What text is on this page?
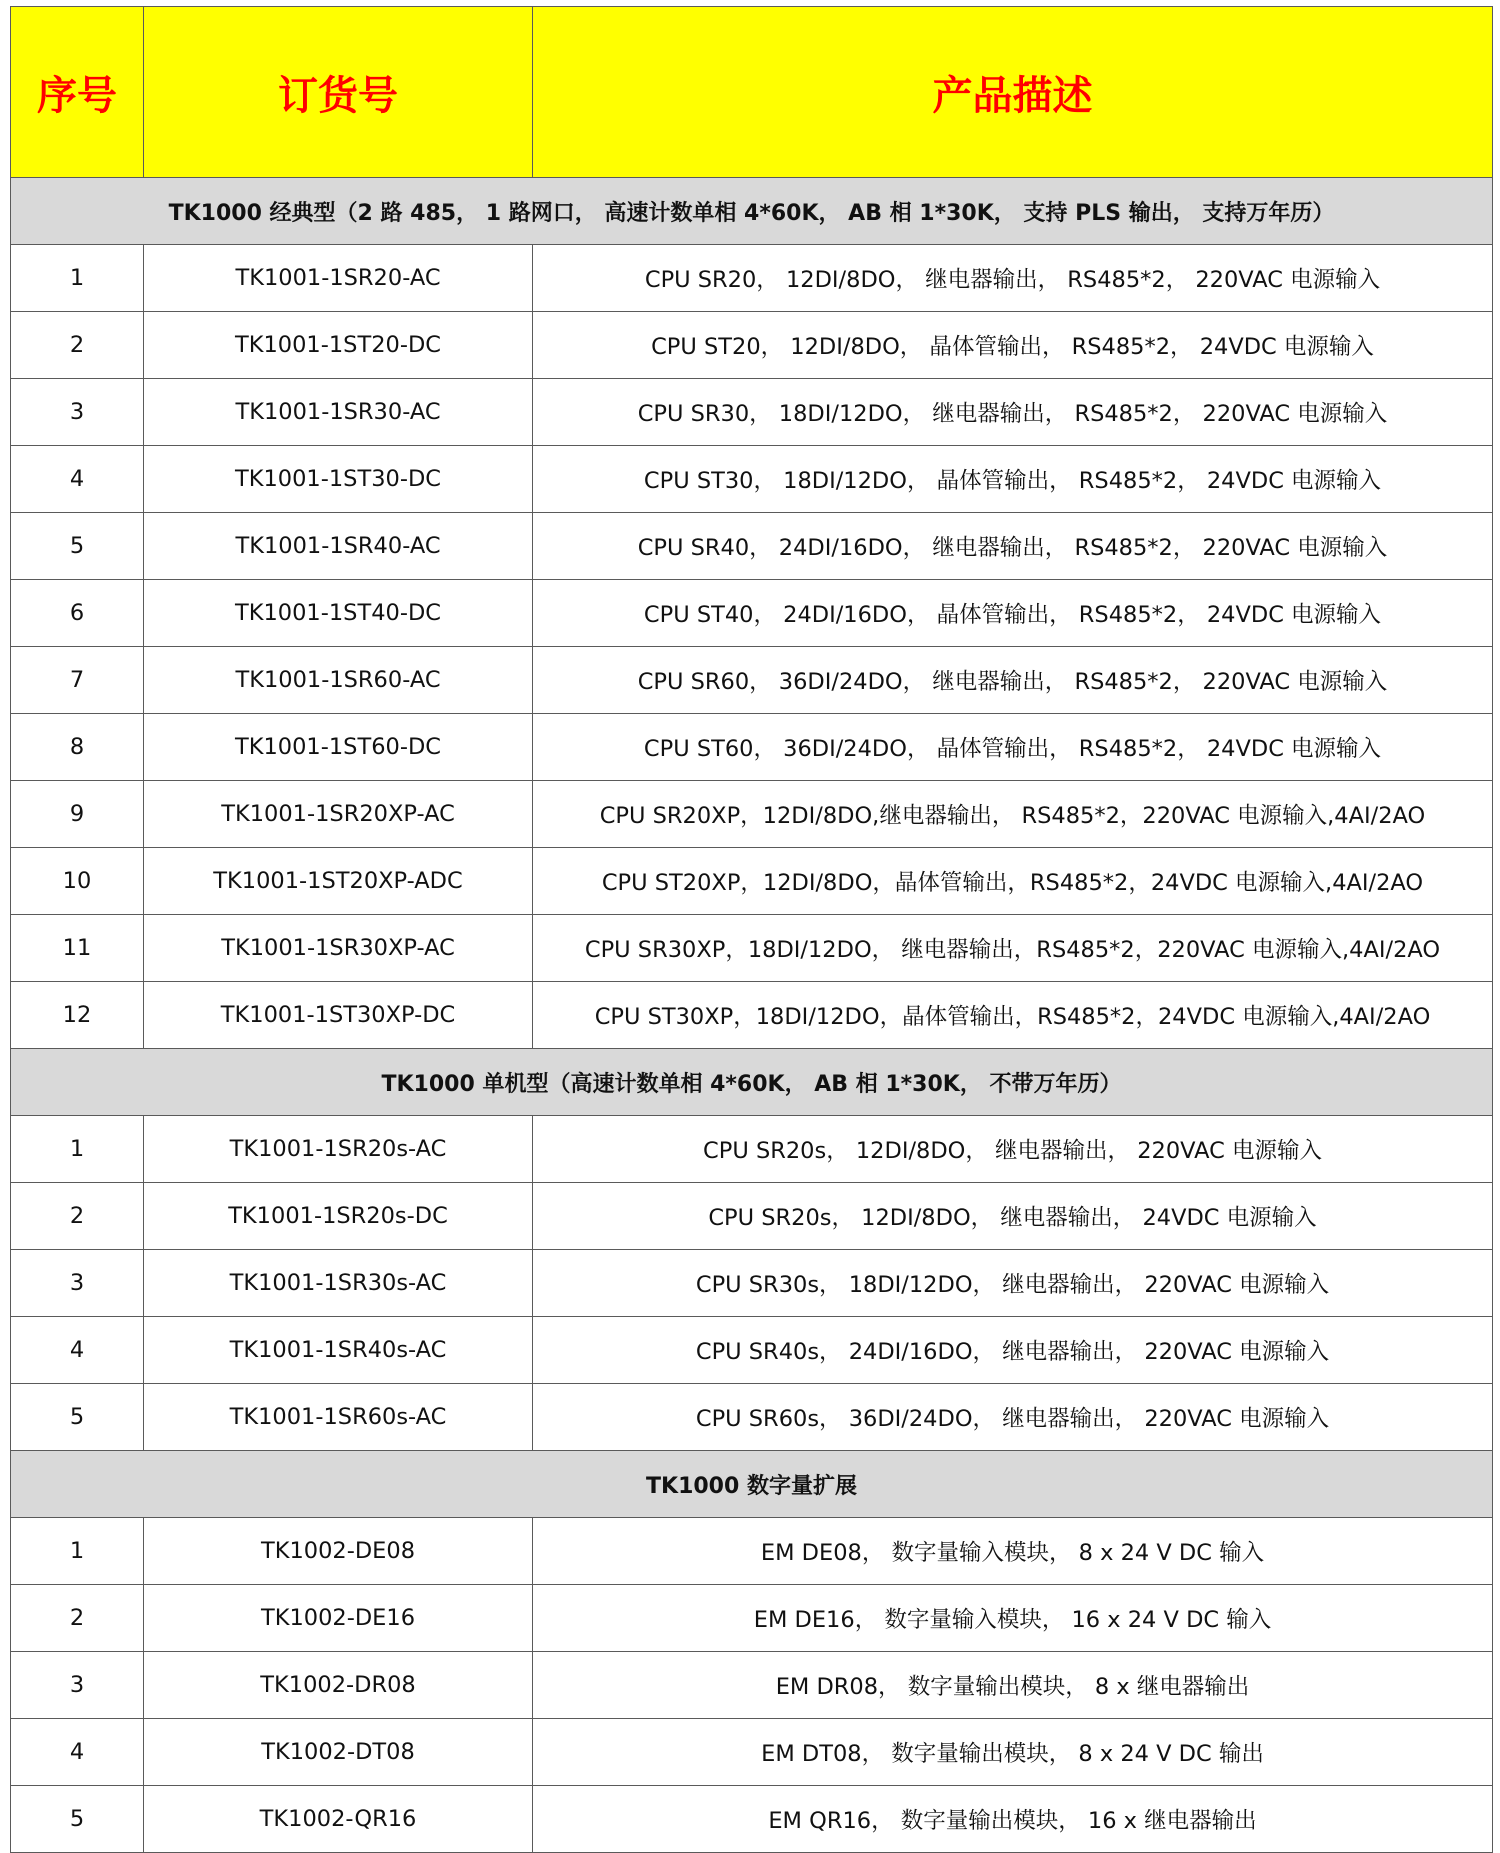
序号	订货号	产品描述
TK1000 经典型（2 路 485， 1 路网口， 高速计数单相 4*60K， AB 相 1*30K， 支持 PLS 输出， 支持万年历）		
1	TK1001-1SR20-AC	CPU SR20， 12DI/8DO， 继电器输出， RS485*2， 220VAC 电源输入
2	TK1001-1ST20-DC	CPU ST20， 12DI/8DO， 晶体管输出， RS485*2， 24VDC 电源输入
3	TK1001-1SR30-AC	CPU SR30， 18DI/12DO， 继电器输出， RS485*2， 220VAC 电源输入
4	TK1001-1ST30-DC	CPU ST30， 18DI/12DO， 晶体管输出， RS485*2， 24VDC 电源输入
5	TK1001-1SR40-AC	CPU SR40， 24DI/16DO， 继电器输出， RS485*2， 220VAC 电源输入
6	TK1001-1ST40-DC	CPU ST40， 24DI/16DO， 晶体管输出， RS485*2， 24VDC 电源输入
7	TK1001-1SR60-AC	CPU SR60， 36DI/24DO， 继电器输出， RS485*2， 220VAC 电源输入
8	TK1001-1ST60-DC	CPU ST60， 36DI/24DO， 晶体管输出， RS485*2， 24VDC 电源输入
9	TK1001-1SR20XP-AC	CPU SR20XP，12DI/8DO,继电器输出， RS485*2，220VAC 电源输入,4AI/2AO
10	TK1001-1ST20XP-ADC	CPU ST20XP，12DI/8DO，晶体管输出，RS485*2，24VDC 电源输入,4AI/2AO
11	TK1001-1SR30XP-AC	CPU SR30XP，18DI/12DO， 继电器输出，RS485*2，220VAC 电源输入,4AI/2AO
12	TK1001-1ST30XP-DC	CPU ST30XP，18DI/12DO，晶体管输出，RS485*2，24VDC 电源输入,4AI/2AO
TK1000 单机型（高速计数单相 4*60K， AB 相 1*30K， 不带万年历）		
1	TK1001-1SR20s-AC	CPU SR20s， 12DI/8DO， 继电器输出， 220VAC 电源输入
2	TK1001-1SR20s-DC	CPU SR20s， 12DI/8DO， 继电器输出， 24VDC 电源输入
3	TK1001-1SR30s-AC	CPU SR30s， 18DI/12DO， 继电器输出， 220VAC 电源输入
4	TK1001-1SR40s-AC	CPU SR40s， 24DI/16DO， 继电器输出， 220VAC 电源输入
5	TK1001-1SR60s-AC	CPU SR60s， 36DI/24DO， 继电器输出， 220VAC 电源输入
TK1000 数字量扩展		
1	TK1002-DE08	EM DE08， 数字量输入模块， 8 x 24 V DC 输入
2	TK1002-DE16	EM DE16， 数字量输入模块， 16 x 24 V DC 输入
3	TK1002-DR08	EM DR08， 数字量输出模块， 8 x 继电器输出
4	TK1002-DT08	EM DT08， 数字量输出模块， 8 x 24 V DC 输出
5	TK1002-QR16	EM QR16， 数字量输出模块， 16 x 继电器输出
